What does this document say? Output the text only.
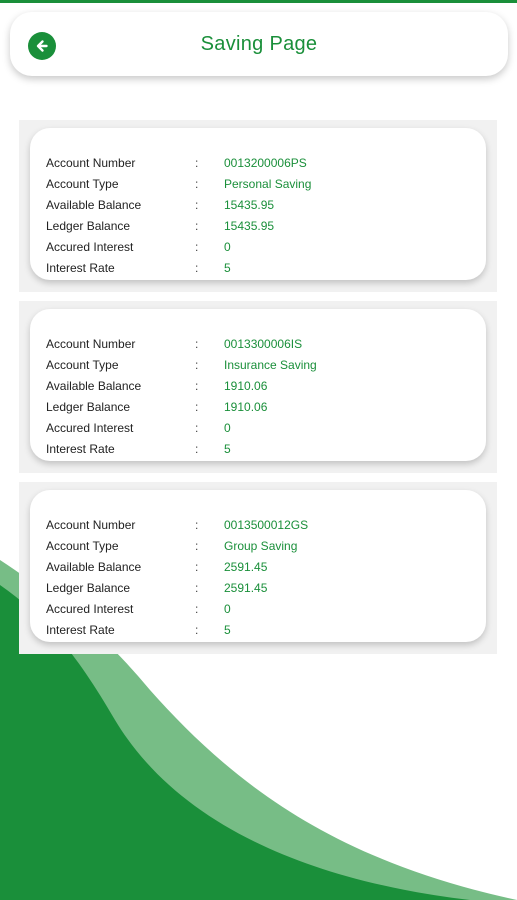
Saving Page
Account Number	: 0013200006PS
Account Type	: Personal Saving
Available Balance	: 15435.95
Ledger Balance	: 15435.95
Accured Interest	: 0
Interest Rate	: 5
Account Number	: 0013300006IS
Account Type	: Insurance Saving
Available Balance	: 1910.06
Ledger Balance	: 1910.06
Accured Interest	: 0
Interest Rate	: 5
Account Number	: 0013500012GS
Account Type	: Group Saving
Available Balance	: 2591.45
Ledger Balance	: 2591.45
Accured Interest	: 0
Interest Rate	: 5
